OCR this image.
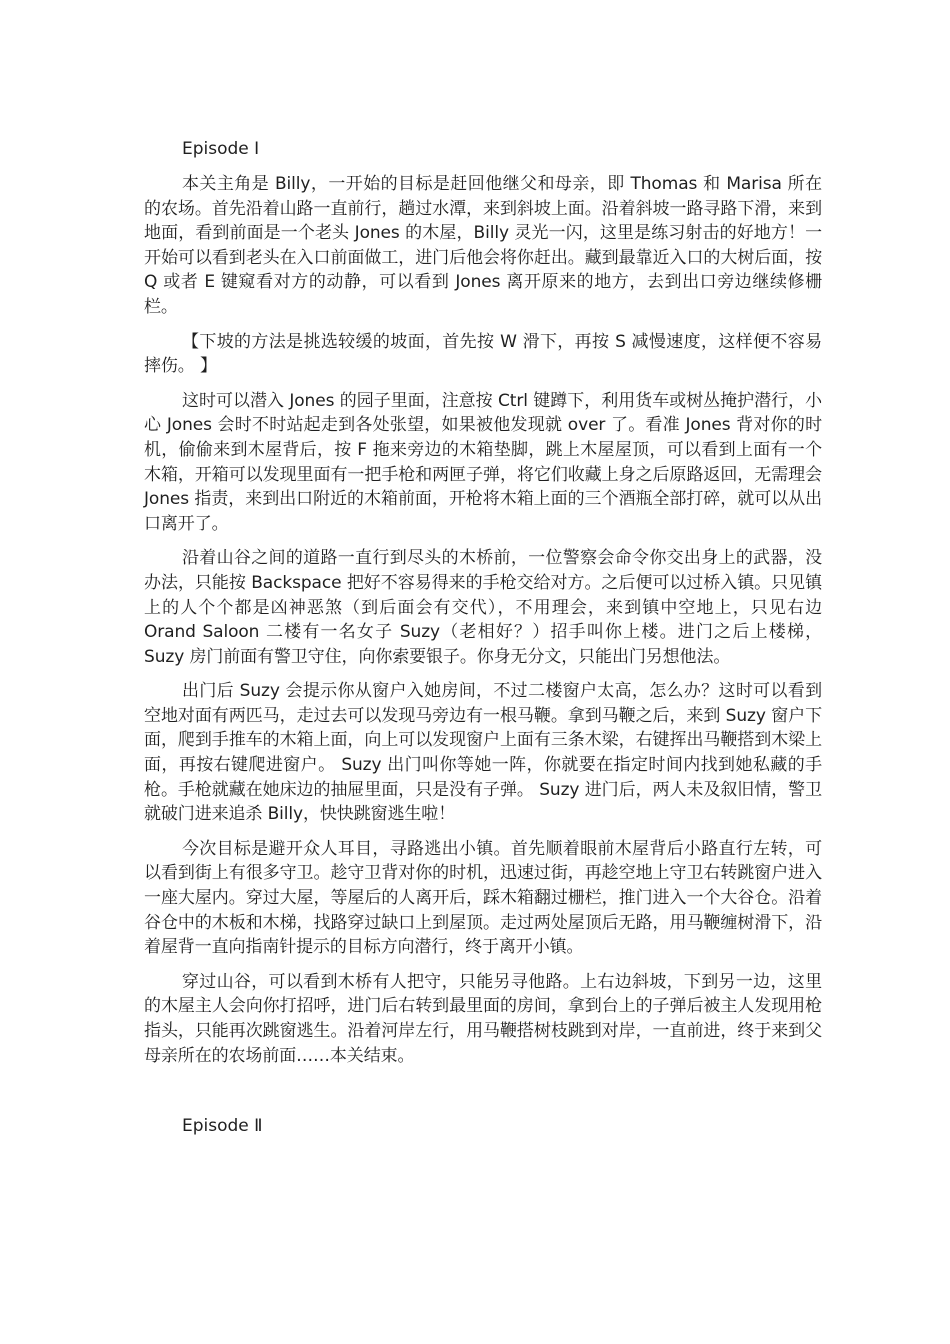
Episode I

本关主角是 Billy，一开始的目标是赶回他继父和母亲，即 Thomas 和 Marisa 所在的农场。首先沿着山路一直前行，趟过水潭，来到斜坡上面。沿着斜坡一路寻路下滑，来到地面，看到前面是一个老头 Jones 的木屋，Billy 灵光一闪，这里是练习射击的好地方！一开始可以看到老头在入口前面做工，进门后他会将你赶出。藏到最靠近入口的大树后面，按 Q 或者 E 键窥看对方的动静，可以看到 Jones 离开原来的地方，去到出口旁边继续修栅栏。

【下坡的方法是挑选较缓的坡面，首先按 W 滑下，再按 S 减慢速度，这样便不容易摔伤。 】

这时可以潜入 Jones 的园子里面，注意按 Ctrl 键蹲下，利用货车或树丛掩护潜行，小心 Jones 会时不时站起走到各处张望，如果被他发现就 over 了。看准 Jones 背对你的时机，偷偷来到木屋背后，按 F 拖来旁边的木箱垫脚，跳上木屋屋顶，可以看到上面有一个木箱，开箱可以发现里面有一把手枪和两匣子弹，将它们收藏上身之后原路返回，无需理会 Jones 指责，来到出口附近的木箱前面，开枪将木箱上面的三个酒瓶全部打碎，就可以从出口离开了。

沿着山谷之间的道路一直行到尽头的木桥前，一位警察会命令你交出身上的武器，没办法，只能按 Backspace 把好不容易得来的手枪交给对方。之后便可以过桥入镇。只见镇上的人个个都是凶神恶煞（到后面会有交代），不用理会，来到镇中空地上，只见右边 Orand Saloon 二楼有一名女子 Suzy（老相好？）招手叫你上楼。进门之后上楼梯，Suzy 房门前面有警卫守住，向你索要银子。你身无分文，只能出门另想他法。

出门后 Suzy 会提示你从窗户入她房间，不过二楼窗户太高，怎么办？这时可以看到空地对面有两匹马，走过去可以发现马旁边有一根马鞭。拿到马鞭之后，来到 Suzy 窗户下面，爬到手推车的木箱上面，向上可以发现窗户上面有三条木梁，右键挥出马鞭搭到木梁上面，再按右键爬进窗户。 Suzy 出门叫你等她一阵，你就要在指定时间内找到她私藏的手枪。手枪就藏在她床边的抽屉里面，只是没有子弹。 Suzy 进门后，两人未及叙旧情，警卫就破门进来追杀 Billy，快快跳窗逃生啦！

今次目标是避开众人耳目，寻路逃出小镇。首先顺着眼前木屋背后小路直行左转，可以看到街上有很多守卫。趁守卫背对你的时机，迅速过街，再趁空地上守卫右转跳窗户进入一座大屋内。穿过大屋，等屋后的人离开后，踩木箱翻过栅栏，推门进入一个大谷仓。沿着谷仓中的木板和木梯，找路穿过缺口上到屋顶。走过两处屋顶后无路，用马鞭缠树滑下，沿着屋背一直向指南针提示的目标方向潜行，终于离开小镇。

穿过山谷，可以看到木桥有人把守，只能另寻他路。上右边斜坡，下到另一边，这里的木屋主人会向你打招呼，进门后右转到最里面的房间，拿到台上的子弹后被主人发现用枪指头，只能再次跳窗逃生。沿着河岸左行，用马鞭搭树枝跳到对岸，一直前进，终于来到父母亲所在的农场前面……本关结束。

Episode Ⅱ
